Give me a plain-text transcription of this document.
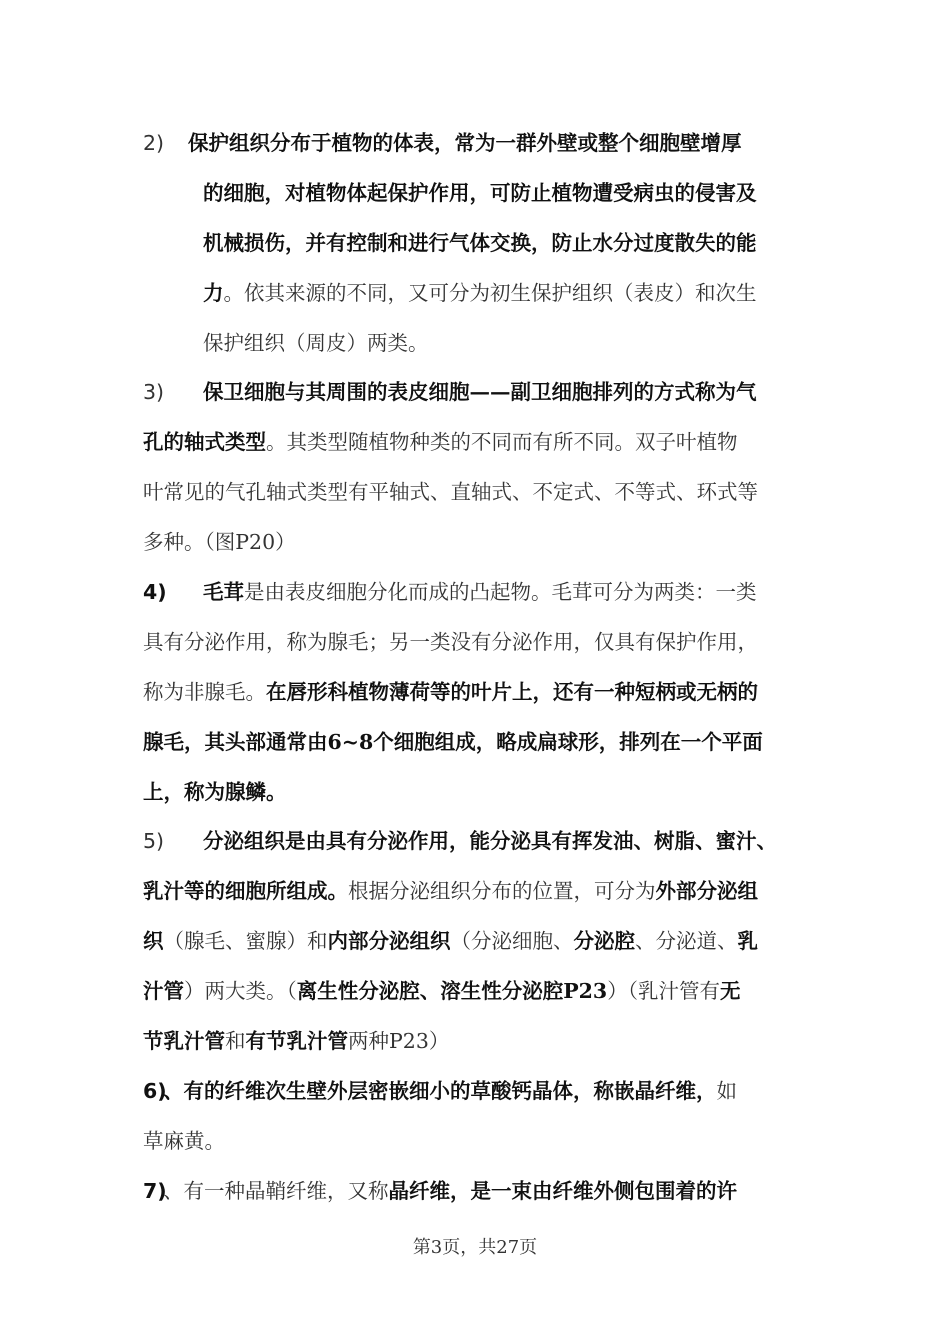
2) 保护组织分布于植物的体表，常为一群外壁或整个细胞壁增厚
的细胞，对植物体起保护作用，可防止植物遭受病虫的侵害及
机械损伤，并有控制和进行气体交换，防止水分过度散失的能
力。依其来源的不同，又可分为初生保护组织（表皮）和次生
保护组织（周皮）两类。
3) 保卫细胞与其周围的表皮细胞——副卫细胞排列的方式称为气
孔的轴式类型。其类型随植物种类的不同而有所不同。双子叶植物
叶常见的气孔轴式类型有平轴式、直轴式、不定式、不等式、环式等
多种。（图P20）
4) 毛茸是由表皮细胞分化而成的凸起物。毛茸可分为两类：一类
具有分泌作用，称为腺毛；另一类没有分泌作用，仅具有保护作用，
称为非腺毛。在唇形科植物薄荷等的叶片上，还有一种短柄或无柄的
腺毛，其头部通常由6~8个细胞组成，略成扁球形，排列在一个平面
上，称为腺鳞。
5) 分泌组织是由具有分泌作用，能分泌具有挥发油、树脂、蜜汁、
乳汁等的细胞所组成。根据分泌组织分布的位置，可分为外部分泌组
织（腺毛、蜜腺）和内部分泌组织（分泌细胞、分泌腔、分泌道、乳
汁管）两大类。（离生性分泌腔、溶生性分泌腔P23）（乳汁管有无
节乳汁管和有节乳汁管两种P23）
6)
、有的纤维次生壁外层密嵌细小的草酸钙晶体，称嵌晶纤维，如
草麻黄。
7)
、有一种晶鞘纤维，又称晶纤维，是一束由纤维外侧包围着的许
第3页，共27页
